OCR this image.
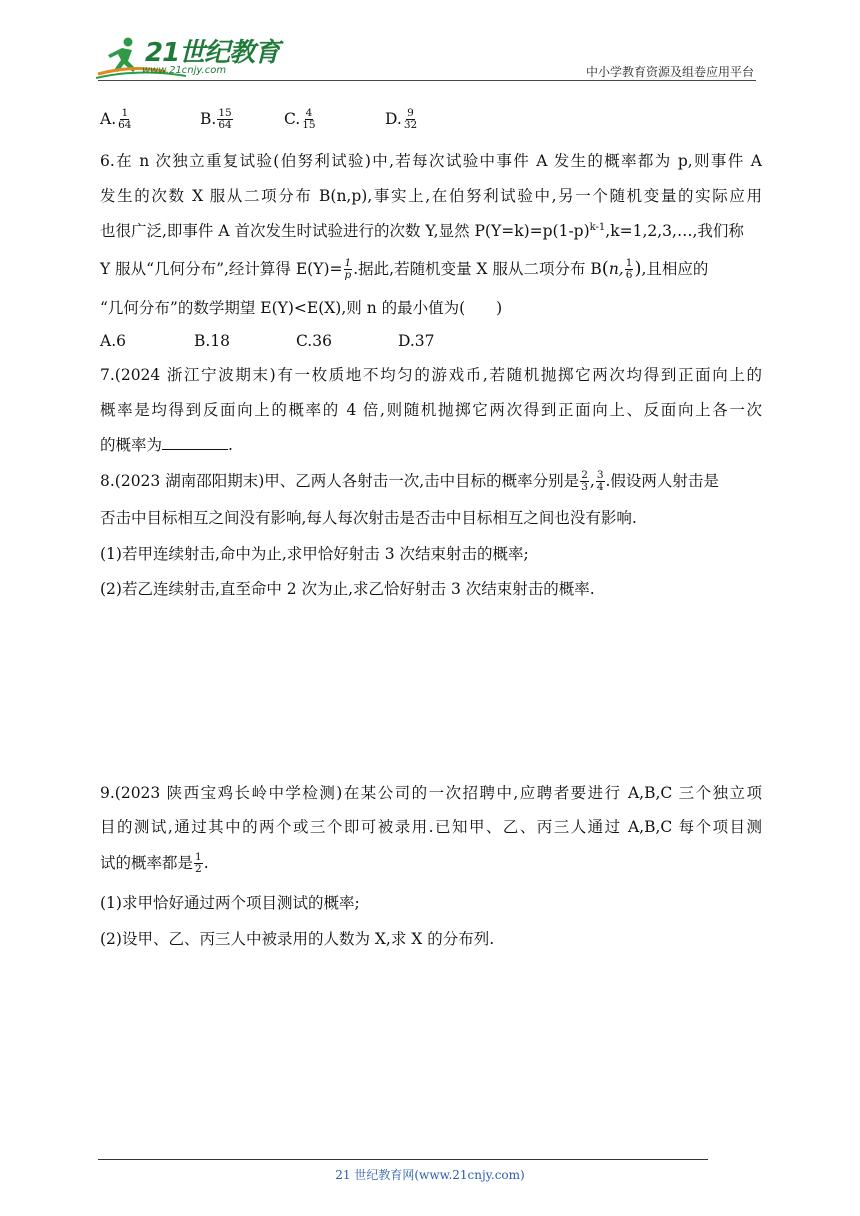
21世纪教育
www.21cnjy.com	中小学教育资源及组卷应用平台
A. $\frac{1}{64}$	B. $\frac{15}{64}$	C. $\frac{4}{15}$	D. $\frac{9}{32}$
6.在 n 次独立重复试验(伯努利试验)中,若每次试验中事件 A 发生的概率都为 p,则事件 A
发生的次数 X 服从二项分布 B(n,p),事实上,在伯努利试验中,另一个随机变量的实际应用
也很广泛,即事件 A 首次发生时试验进行的次数 Y,显然 $P(Y=k)=p(1-p)^{k-1},k=1,2,3,\dots$,我们称
Y 服从“几何分布”,经计算得 $E(Y)= \frac{1}{p}$ .据此,若随机变量 X 服从二项分布 B(n, $\frac{1}{6}$ ),且相应的
“几何分布”的数学期望 E(Y)<E(X),则 n 的最小值为(　　)
A.6	B.18	C.36	D.37
7.(2024 浙江宁波期末)有一枚质地不均匀的游戏币,若随机抛掷它两次均得到正面向上的
概率是均得到反面向上的概率的 4 倍,则随机抛掷它两次得到正面向上、反面向上各一次
的概率为	.
8.(2023 湖南邵阳期末)甲、乙两人各射击一次,击中目标的概率分别是 $\frac{2}{3}$ , $\frac{3}{4}$ .假设两人射击是
否击中目标相互之间没有影响,每人每次射击是否击中目标相互之间也没有影响.
(1)若甲连续射击,命中为止,求甲恰好射击 3 次结束射击的概率;
(2)若乙连续射击,直至命中 2 次为止,求乙恰好射击 3 次结束射击的概率.
9.(2023 陕西宝鸡长岭中学检测)在某公司的一次招聘中,应聘者要进行 A,B,C 三个独立项
目的测试,通过其中的两个或三个即可被录用.已知甲、乙、丙三人通过 A,B,C 每个项目测
试的概率都是 $\frac{1}{2}$ .
(1)求甲恰好通过两个项目测试的概率;
(2)设甲、乙、丙三人中被录用的人数为 X,求 X 的分布列.
21 世纪教育网(www.21cnjy.com)
